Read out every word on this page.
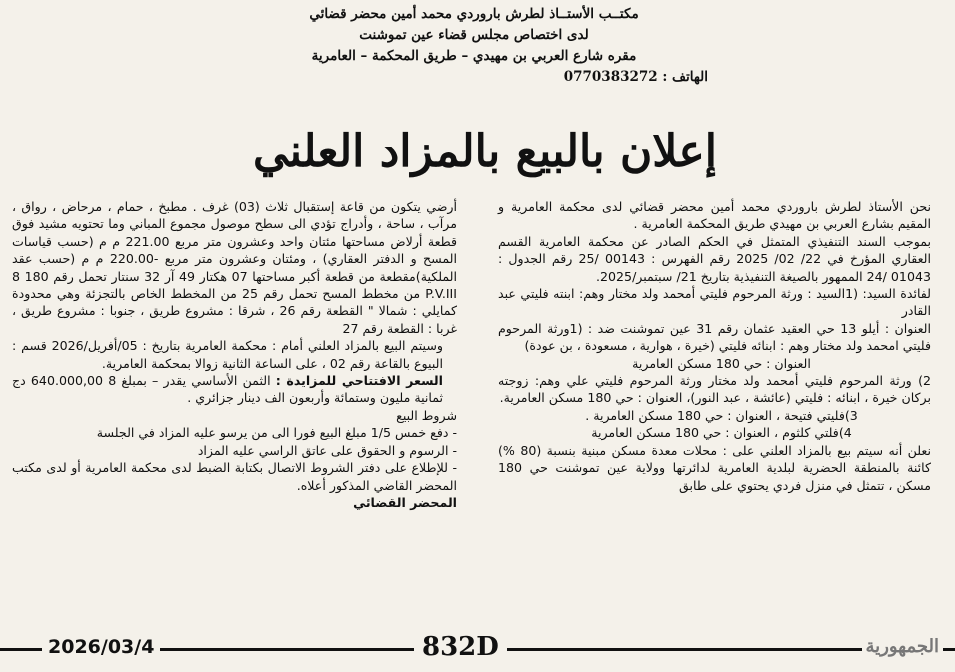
مكتــب الأستــاذ لطرش باروردي محمد أمين محضر قضائي
لدى اختصاص مجلس قضاء عين تموشنت
مقره شارع العربي بن مهيدي – طريق المحكمة – العامرية
الهاتف : 0770383272
إعلان بالبيع بالمزاد العلني

نحن الأستاذ لطرش باروردي محمد أمين محضر قضائي لدى محكمة العامرية و المقيم بشارع العربي بن مهيدي طريق المحكمة العامرية .

بموجب السند التنفيذي المتمثل في الحكم الصادر عن محكمة العامرية القسم العقاري المؤرخ في 22/ 02/ 2025 رقم الفهرس : 00143 /25 رقم الجدول : 01043 /24 الممهور بالصيغة التنفيذية بتاريخ 21/ سبتمبر/2025.

لفائدة السيد: (1السيد : ورثة المرحوم فليتي أمحمد ولد مختار وهم: ابنته فليتي عبد القادر

العنوان : أيلو 13 حي العقيد عثمان رقم 31 عين تموشنت ضد : (1ورثة المرحوم فليتي امحمد ولد مختار وهم : ابنائه فليتي (خيرة ، هوارية ، مسعودة ، بن عودة)

العنوان : حي 180 مسكن العامرية

2) ورثة المرحوم فليتي أمحمد ولد مختار ورثة المرحوم فليتي علي وهم: زوجته بركان خيرة ، ابنائه : فليتي (عائشة ، عبد النور)، العنوان : حي 180 مسكن العامرية.

3)فليتي فتيحة ، العنوان : حي 180 مسكن العامرية .

4)فلتي كلثوم ، العنوان : حي 180 مسكن العامرية

نعلن أنه سيتم بيع بالمزاد العلني على : محلات معدة مسكن مبنية بنسبة (80 %) كائنة بالمنطقة الحضرية لبلدية العامرية لدائرتها وولاية عين تموشنت حي 180 مسكن ، تتمثل في منزل فردي يحتوي على طابق

أرضي يتكون من قاعة إستقبال ثلاث (03) غرف . مطبخ ، حمام ، مرحاض ، رواق ، مرآب ، ساحة ، وأدراج تؤدي الى سطح موصول مجموع المباني وما تحتويه مشيد فوق قطعة أرلاض مساحتها مئتان واحد وعشرون متر مربع 221.00 م م (حسب قياسات المسح و الدفتر العقاري) ، ومئتان وعشرون متر مربع -220.00 م م (حسب عقد الملكية)مقطعة من قطعة أكبر مساحتها 07 هكتار 49 آر 32 سنتار تحمل رقم 180 8 P.V.III من مخطط المسح تحمل رقم 25 من المخطط الخاص بالتجزئة وهي محدودة كمايلي : شمالا " القطعة رقم 26 ، شرقا : مشروع طريق ، جنوبا : مشروع طريق ، غربا : القطعة رقم 27

وسيتم البيع بالمزاد العلني أمام : محكمة العامرية بتاريخ : 05/أفريل/2026 قسم : البيوع بالقاعة رقم 02 ، على الساعة الثانية زوالا بمحكمة العامرية.

السعر الافتتاحي للمزايدة : الثمن الأساسي يقدر – بمبلغ 8 640.000,00 دج ثمانية مليون وستمائة وأربعون الف دينار جزائري .

شروط البيع

- دفع خمس 1/5 مبلغ البيع فورا الى من يرسو عليه المزاد في الجلسة

- الرسوم و الحقوق على عاتق الراسي عليه المزاد

- للإطلاع على دفتر الشروط الاتصال بكتابة الضبط لدى محكمة العامرية أو لدى مكتب المحضر القاضي المذكور أعلاه.

المحضر القضائي

2026/03/4	832D	الجمهورية
